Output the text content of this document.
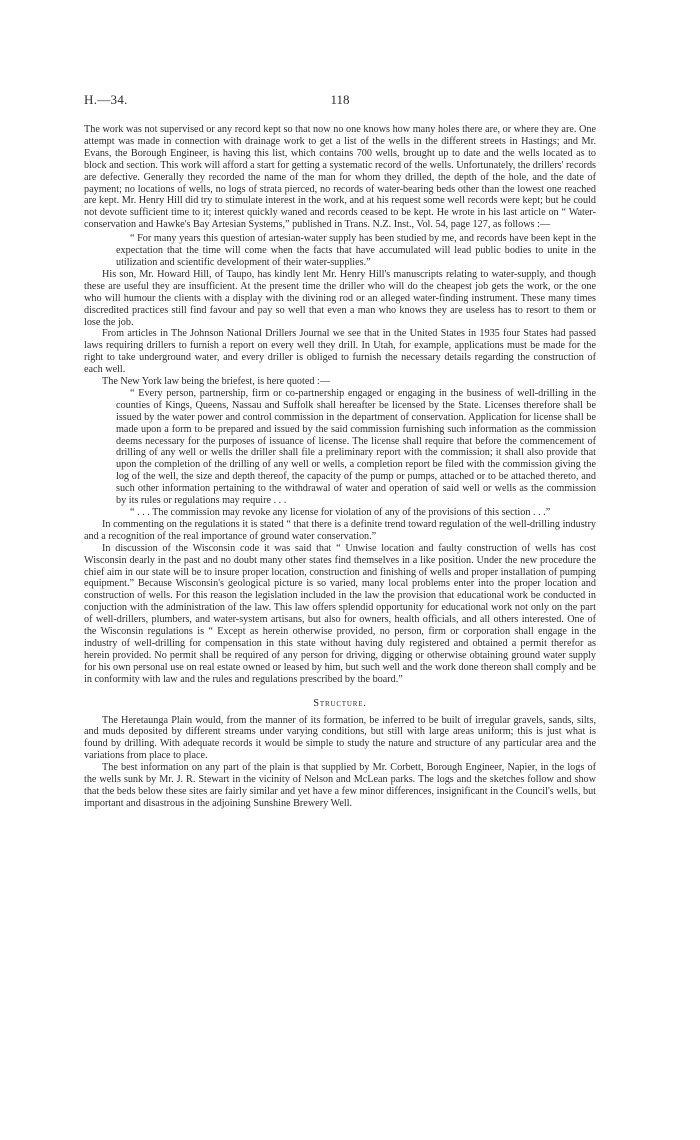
H.—34.	118

The work was not supervised or any record kept so that now no one knows how many holes there are, or where they are. One attempt was made in connection with drainage work to get a list of the wells in the different streets in Hastings; and Mr. Evans, the Borough Engineer, is having this list, which contains 700 wells, brought up to date and the wells located as to block and section. This work will afford a start for getting a systematic record of the wells. Unfortunately, the drillers' records are defective. Generally they recorded the name of the man for whom they drilled, the depth of the hole, and the date of payment; no locations of wells, no logs of strata pierced, no records of water-bearing beds other than the lowest one reached are kept. Mr. Henry Hill did try to stimulate interest in the work, and at his request some well records were kept; but he could not devote sufficient time to it; interest quickly waned and records ceased to be kept. He wrote in his last article on “ Water-conservation and Hawke's Bay Artesian Systems,” published in Trans. N.Z. Inst., Vol. 54, page 127, as follows :—

“ For many years this question of artesian-water supply has been studied by me, and records have been kept in the expectation that the time will come when the facts that have accumulated will lead public bodies to unite in the utilization and scientific development of their water-supplies.”

His son, Mr. Howard Hill, of Taupo, has kindly lent Mr. Henry Hill's manuscripts relating to water-supply, and though these are useful they are insufficient. At the present time the driller who will do the cheapest job gets the work, or the one who will humour the clients with a display with the divining rod or an alleged water-finding instrument. These many times discredited practices still find favour and pay so well that even a man who knows they are useless has to resort to them or lose the job.

From articles in The Johnson National Drillers Journal we see that in the United States in 1935 four States had passed laws requiring drillers to furnish a report on every well they drill. In Utah, for example, applications must be made for the right to take underground water, and every driller is obliged to furnish the necessary details regarding the construction of each well.

The New York law being the briefest, is here quoted :—

“ Every person, partnership, firm or co-partnership engaged or engaging in the business of well-drilling in the counties of Kings, Queens, Nassau and Suffolk shall hereafter be licensed by the State. Licenses therefore shall be issued by the water power and control commission in the department of conservation. Application for license shall be made upon a form to be prepared and issued by the said commission furnishing such information as the commission deems necessary for the purposes of issuance of license. The license shall require that before the commencement of drilling of any well or wells the driller shall file a preliminary report with the commission; it shall also provide that upon the completion of the drilling of any well or wells, a completion report be filed with the commission giving the log of the well, the size and depth thereof, the capacity of the pump or pumps, attached or to be attached thereto, and such other information pertaining to the withdrawal of water and operation of said well or wells as the commission by its rules or regulations may require . . .

“ . . . The commission may revoke any license for violation of any of the provisions of this section . . .”

In commenting on the regulations it is stated “ that there is a definite trend toward regulation of the well-drilling industry and a recognition of the real importance of ground water conservation.”

In discussion of the Wisconsin code it was said that “ Unwise location and faulty construction of wells has cost Wisconsin dearly in the past and no doubt many other states find themselves in a like position. Under the new procedure the chief aim in our state will be to insure proper location, construction and finishing of wells and proper installation of pumping equipment.” Because Wisconsin's geological picture is so varied, many local problems enter into the proper location and construction of wells. For this reason the legislation included in the law the provision that educational work be conducted in conjuction with the administration of the law. This law offers splendid opportunity for educational work not only on the part of well-drillers, plumbers, and water-system artisans, but also for owners, health officials, and all others interested. One of the Wisconsin regulations is “ Except as herein otherwise provided, no person, firm or corporation shall engage in the industry of well-drilling for compensation in this state without having duly registered and obtained a permit therefor as herein provided. No permit shall be required of any person for driving, digging or otherwise obtaining ground water supply for his own personal use on real estate owned or leased by him, but such well and the work done thereon shall comply and be in conformity with law and the rules and regulations prescribed by the board.”

Structure.

The Heretaunga Plain would, from the manner of its formation, be inferred to be built of irregular gravels, sands, silts, and muds deposited by different streams under varying conditions, but still with large areas uniform; this is just what is found by drilling. With adequate records it would be simple to study the nature and structure of any particular area and the variations from place to place.

The best information on any part of the plain is that supplied by Mr. Corbett, Borough Engineer, Napier, in the logs of the wells sunk by Mr. J. R. Stewart in the vicinity of Nelson and McLean parks. The logs and the sketches follow and show that the beds below these sites are fairly similar and yet have a few minor differences, insignificant in the Council's wells, but important and disastrous in the adjoining Sunshine Brewery Well.
